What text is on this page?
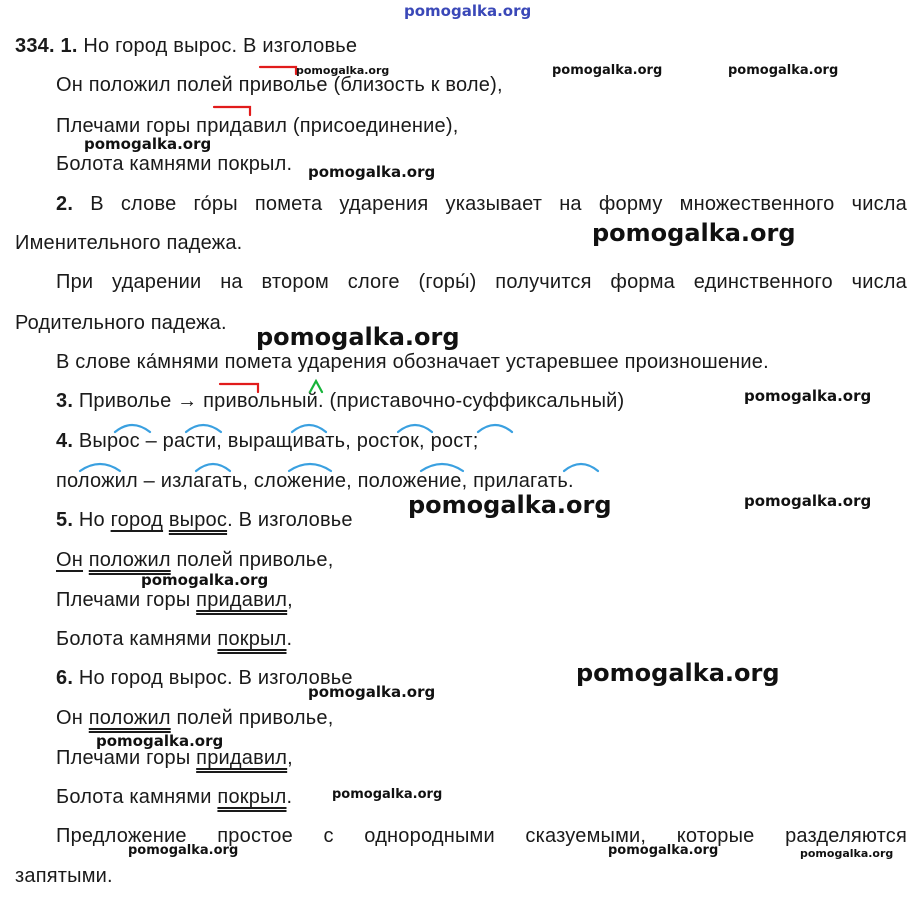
pomogalka.org
334. 1. Но город вырос. В изголовье
Он положил полей приволье (близость к воле),
Плечами горы придавил (присоединение),
Болота камнями покрыл.
2. В слове го́ры помета ударения указывает на форму множественного числа
Именительного падежа.
При ударении на втором слоге (горы́) получится форма единственного числа
Родительного падежа.
В слове ка́мнями помета ударения обозначает устаревшее произношение.
3. Приволье → привольный. (приставочно-суффиксальный)
4. Вырос – расти, выращивать, росток, рост;
положил – излагать, сложение, положение, прилагать.
5. Но город вырос. В изголовье
Он положил полей приволье,
Плечами горы придавил,
Болота камнями покрыл.
6. Но город вырос. В изголовье
Он положил полей приволье,
Плечами горы придавил,
Болота камнями покрыл.
Предложение простое с однородными сказуемыми, которые разделяются
запятыми.
pomogalka.org	pomogalka.org	pomogalka.org
pomogalka.org
pomogalka.org
pomogalka.org
pomogalka.org
pomogalka.org
pomogalka.org
pomogalka.org
pomogalka.org
pomogalka.org
pomogalka.org
pomogalka.org
pomogalka.org
pomogalka.org	pomogalka.org	pomogalka.org
